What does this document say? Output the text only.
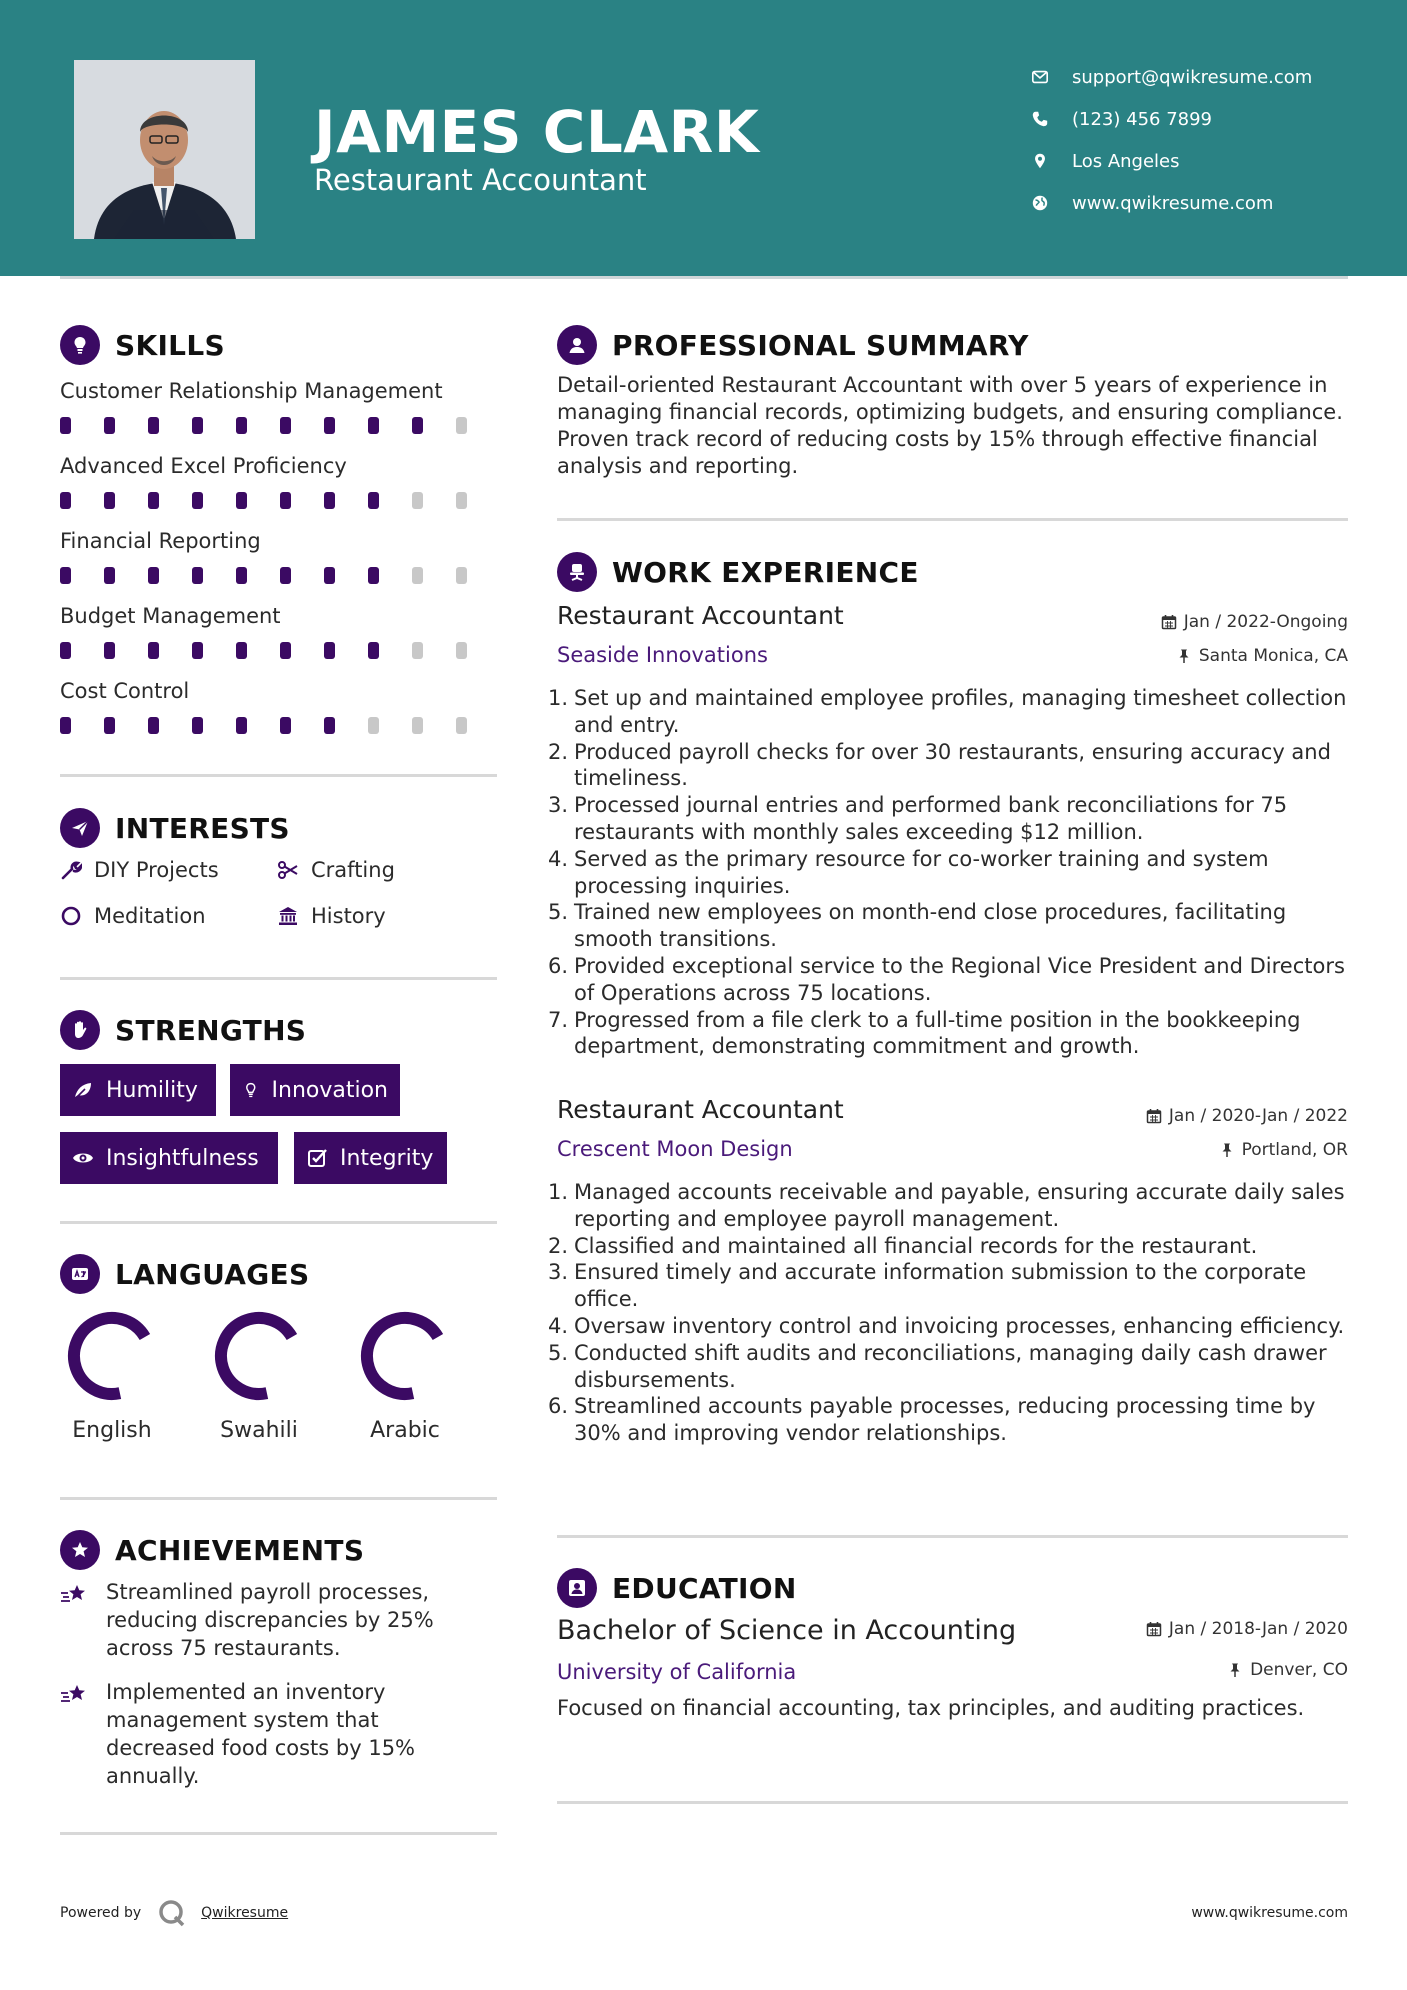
JAMES CLARK
Restaurant Accountant
support@qwikresume.com
(123) 456 7899
Los Angeles
www.qwikresume.com
SKILLS
Customer Relationship Management
Advanced Excel Proficiency
Financial Reporting
Budget Management
Cost Control
INTERESTS
DIY Projects	Crafting
Meditation	History
STRENGTHS
Humility	Innovation
Insightfulness	Integrity
LANGUAGES
English	Swahili	Arabic
ACHIEVEMENTS
Streamlined payroll processes, reducing discrepancies by 25% across 75 restaurants.
Implemented an inventory management system that decreased food costs by 15% annually.
PROFESSIONAL SUMMARY
Detail-oriented Restaurant Accountant with over 5 years of experience in managing financial records, optimizing budgets, and ensuring compliance. Proven track record of reducing costs by 15% through effective financial analysis and reporting.
WORK EXPERIENCE
Restaurant Accountant	Jan / 2022-Ongoing
Seaside Innovations	Santa Monica, CA
1. Set up and maintained employee profiles, managing timesheet collection and entry.
2. Produced payroll checks for over 30 restaurants, ensuring accuracy and timeliness.
3. Processed journal entries and performed bank reconciliations for 75 restaurants with monthly sales exceeding $12 million.
4. Served as the primary resource for co-worker training and system processing inquiries.
5. Trained new employees on month-end close procedures, facilitating smooth transitions.
6. Provided exceptional service to the Regional Vice President and Directors of Operations across 75 locations.
7. Progressed from a file clerk to a full-time position in the bookkeeping department, demonstrating commitment and growth.
Restaurant Accountant	Jan / 2020-Jan / 2022
Crescent Moon Design	Portland, OR
1. Managed accounts receivable and payable, ensuring accurate daily sales reporting and employee payroll management.
2. Classified and maintained all financial records for the restaurant.
3. Ensured timely and accurate information submission to the corporate office.
4. Oversaw inventory control and invoicing processes, enhancing efficiency.
5. Conducted shift audits and reconciliations, managing daily cash drawer disbursements.
6. Streamlined accounts payable processes, reducing processing time by 30% and improving vendor relationships.
EDUCATION
Bachelor of Science in Accounting	Jan / 2018-Jan / 2020
University of California	Denver, CO
Focused on financial accounting, tax principles, and auditing practices.
Powered by	Qwikresume	www.qwikresume.com
